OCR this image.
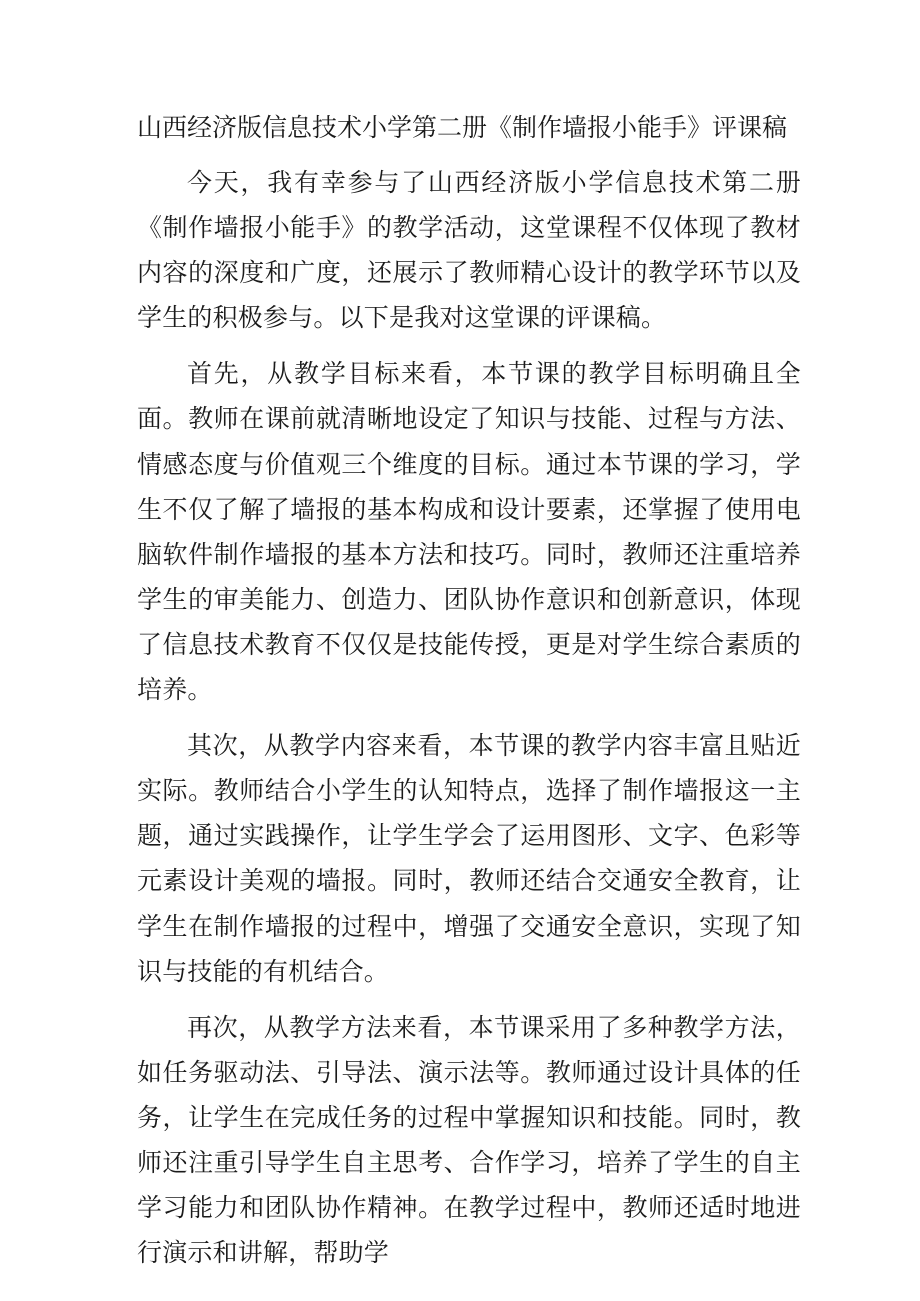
山西经济版信息技术小学第二册《制作墙报小能手》评课稿

今天，我有幸参与了山西经济版小学信息技术第二册《制作墙报小能手》的教学活动，这堂课程不仅体现了教材内容的深度和广度，还展示了教师精心设计的教学环节以及学生的积极参与。以下是我对这堂课的评课稿。

首先，从教学目标来看，本节课的教学目标明确且全面。教师在课前就清晰地设定了知识与技能、过程与方法、情感态度与价值观三个维度的目标。通过本节课的学习，学生不仅了解了墙报的基本构成和设计要素，还掌握了使用电脑软件制作墙报的基本方法和技巧。同时，教师还注重培养学生的审美能力、创造力、团队协作意识和创新意识，体现了信息技术教育不仅仅是技能传授，更是对学生综合素质的培养。

其次，从教学内容来看，本节课的教学内容丰富且贴近实际。教师结合小学生的认知特点，选择了制作墙报这一主题，通过实践操作，让学生学会了运用图形、文字、色彩等元素设计美观的墙报。同时，教师还结合交通安全教育，让学生在制作墙报的过程中，增强了交通安全意识，实现了知识与技能的有机结合。

再次，从教学方法来看，本节课采用了多种教学方法，如任务驱动法、引导法、演示法等。教师通过设计具体的任务，让学生在完成任务的过程中掌握知识和技能。同时，教师还注重引导学生自主思考、合作学习，培养了学生的自主学习能力和团队协作精神。在教学过程中，教师还适时地进行演示和讲解，帮助学
